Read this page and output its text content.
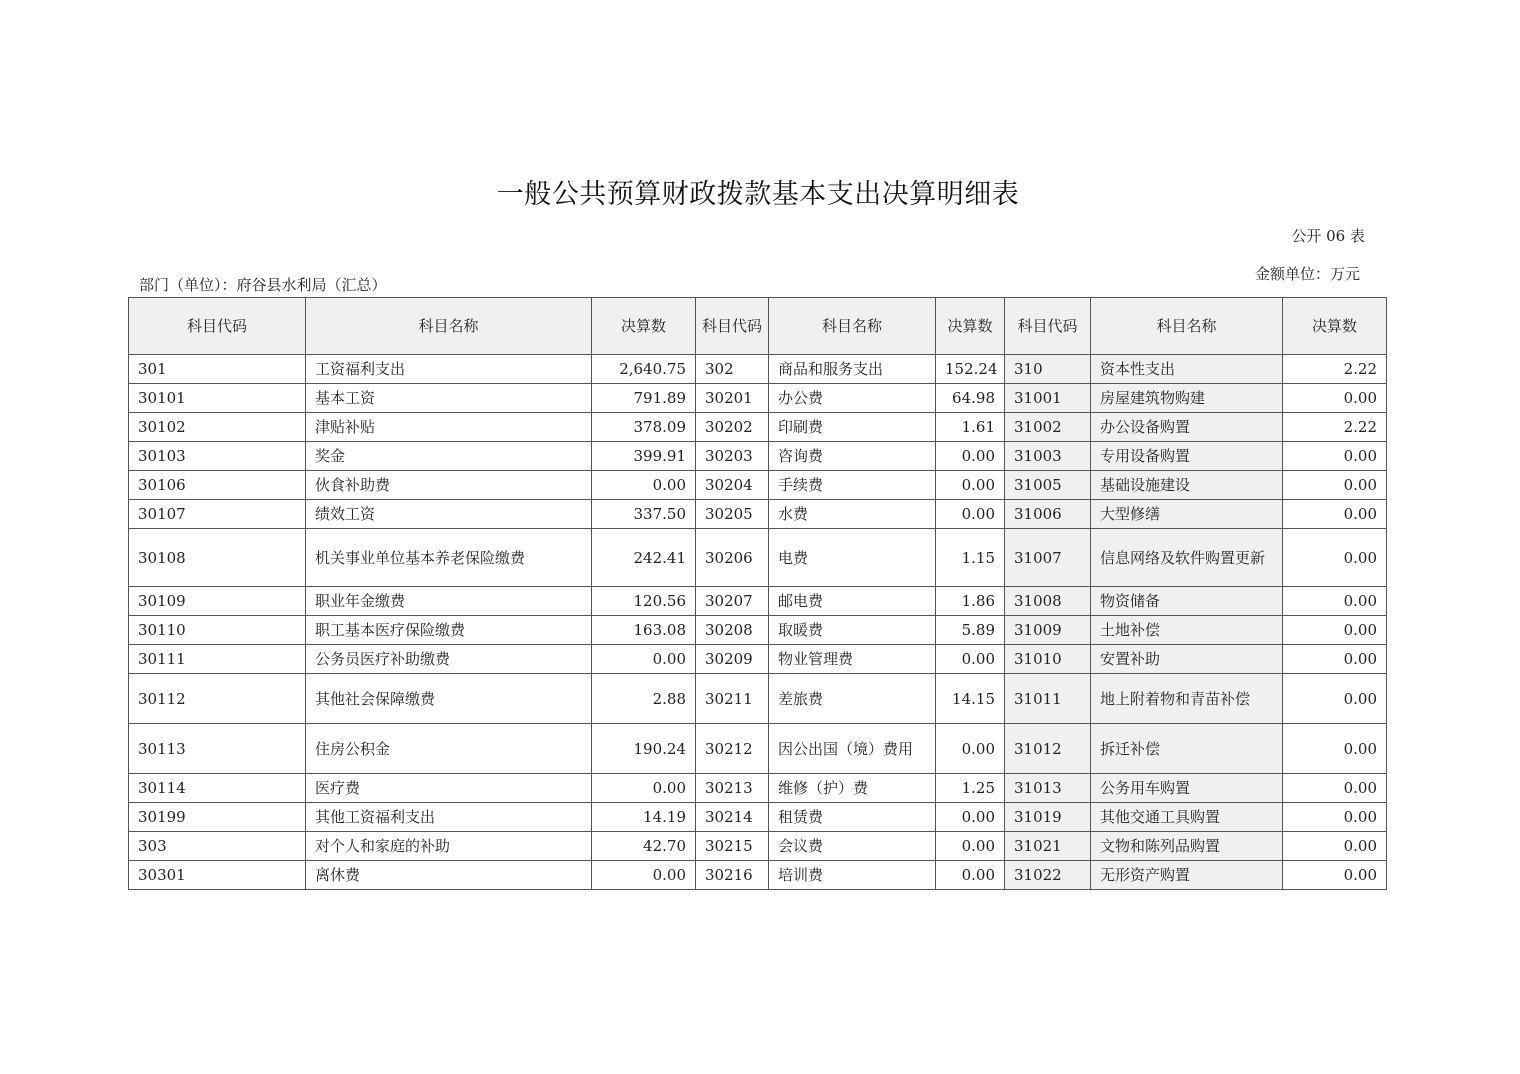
一般公共预算财政拨款基本支出决算明细表
公开 06 表
金额单位：万元
部门（单位）：府谷县水利局（汇总）
科目代码	科目名称	决算数	科目代码	科目名称	决算数	科目代码	科目名称	决算数
301	工资福利支出	2,640.75	302	商品和服务支出	152.24	310	资本性支出	2.22
30101	基本工资	791.89	30201	办公费	64.98	31001	房屋建筑物购建	0.00
30102	津贴补贴	378.09	30202	印刷费	1.61	31002	办公设备购置	2.22
30103	奖金	399.91	30203	咨询费	0.00	31003	专用设备购置	0.00
30106	伙食补助费	0.00	30204	手续费	0.00	31005	基础设施建设	0.00
30107	绩效工资	337.50	30205	水费	0.00	31006	大型修缮	0.00
30108	机关事业单位基本养老保险缴费	242.41	30206	电费	1.15	31007	信息网络及软件购置更新	0.00
30109	职业年金缴费	120.56	30207	邮电费	1.86	31008	物资储备	0.00
30110	职工基本医疗保险缴费	163.08	30208	取暖费	5.89	31009	土地补偿	0.00
30111	公务员医疗补助缴费	0.00	30209	物业管理费	0.00	31010	安置补助	0.00
30112	其他社会保障缴费	2.88	30211	差旅费	14.15	31011	地上附着物和青苗补偿	0.00
30113	住房公积金	190.24	30212	因公出国（境）费用	0.00	31012	拆迁补偿	0.00
30114	医疗费	0.00	30213	维修（护）费	1.25	31013	公务用车购置	0.00
30199	其他工资福利支出	14.19	30214	租赁费	0.00	31019	其他交通工具购置	0.00
303	对个人和家庭的补助	42.70	30215	会议费	0.00	31021	文物和陈列品购置	0.00
30301	离休费	0.00	30216	培训费	0.00	31022	无形资产购置	0.00
